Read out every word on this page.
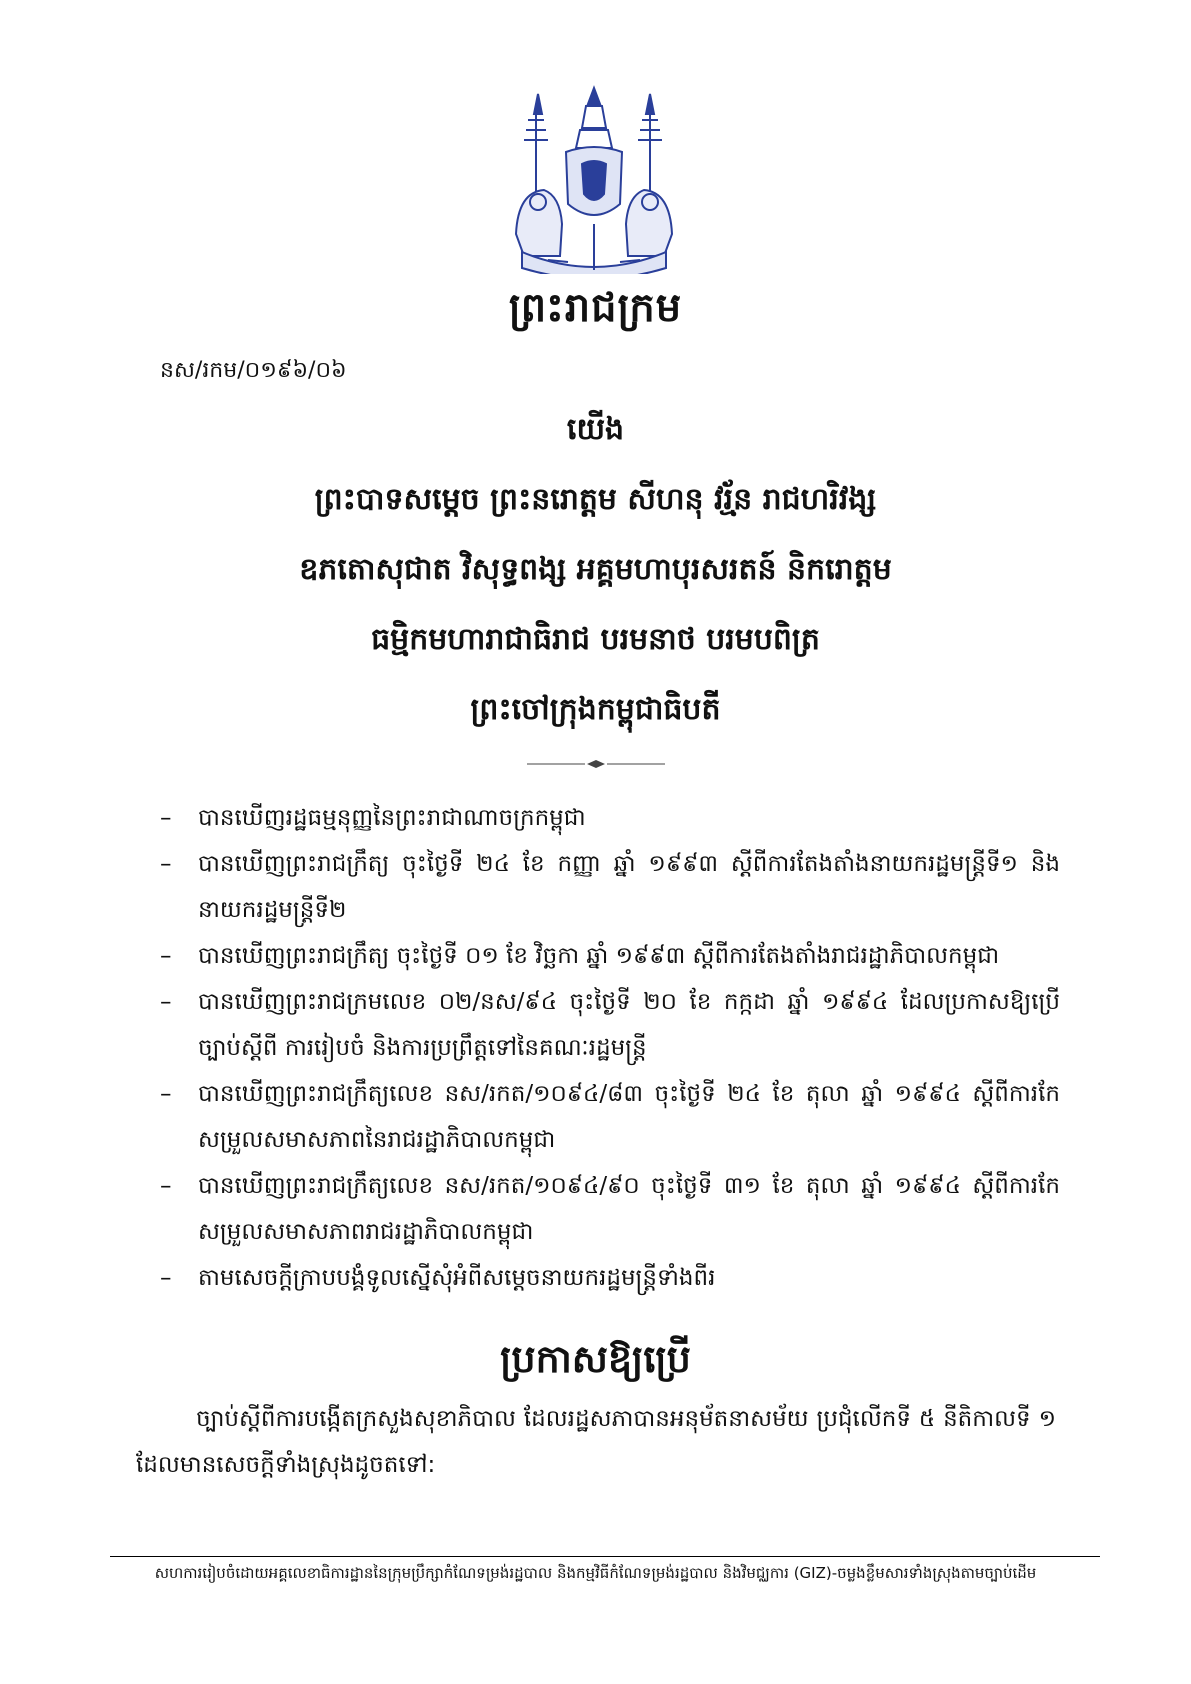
ព្រះរាជក្រម
នស/រកម/០១៩៦/០៦
យើង
ព្រះបាទសម្តេច ព្រះនរោត្តម សីហនុ វរ្ម័ន រាជហរិវង្ស
ឧភតោសុជាត វិសុទ្ធពង្ស អគ្គមហាបុរសរតន៍ និករោត្តម
ធម្មិកមហារាជាធិរាជ បរមនាថ បរមបពិត្រ
ព្រះចៅក្រុងកម្ពុជាធិបតី
–	បានឃើញរដ្ឋធម្មនុញ្ញនៃព្រះរាជាណាចក្រកម្ពុជា
–	បានឃើញព្រះរាជក្រឹត្យ ចុះថ្ងៃទី ២៤ ខែ កញ្ញា ឆ្នាំ ១៩៩៣ ស្តីពីការតែងតាំងនាយករដ្ឋមន្ត្រីទី១ និង នាយករដ្ឋមន្ត្រីទី២
–	បានឃើញព្រះរាជក្រឹត្យ ចុះថ្ងៃទី ០១ ខែ វិច្ឆកា ឆ្នាំ ១៩៩៣ ស្តីពីការតែងតាំងរាជរដ្ឋាភិបាលកម្ពុជា
–	បានឃើញព្រះរាជក្រមលេខ ០២/នស/៩៤ ចុះថ្ងៃទី ២០ ខែ កក្កដា ឆ្នាំ ១៩៩៤ ដែលប្រកាសឱ្យប្រើច្បាប់ស្តីពី ការរៀបចំ និងការប្រព្រឹត្តទៅនៃគណៈរដ្ឋមន្ត្រី
–	បានឃើញព្រះរាជក្រឹត្យលេខ នស/រកត/១០៩៤/៨៣ ចុះថ្ងៃទី ២៤ ខែ តុលា ឆ្នាំ ១៩៩៤ ស្តីពីការកែ សម្រួលសមាសភាពនៃរាជរដ្ឋាភិបាលកម្ពុជា
–	បានឃើញព្រះរាជក្រឹត្យលេខ នស/រកត/១០៩៤/៩០ ចុះថ្ងៃទី ៣១ ខែ តុលា ឆ្នាំ ១៩៩៤ ស្តីពីការកែ សម្រួលសមាសភាពរាជរដ្ឋាភិបាលកម្ពុជា
–	តាមសេចក្តីក្រាបបង្គំទូលស្នើសុំអំពីសម្តេចនាយករដ្ឋមន្ត្រីទាំងពីរ
ប្រកាសឱ្យប្រើ
ច្បាប់ស្តីពីការបង្កើតក្រសួងសុខាភិបាល ដែលរដ្ឋសភាបានអនុម័តនាសម័យ ប្រជុំលើកទី ៥ នីតិកាលទី ១ ដែលមានសេចក្តីទាំងស្រុងដូចតទៅ:
សហការរៀបចំដោយអគ្គលេខាធិការដ្ឋាននៃក្រុមប្រឹក្សាកំណែទម្រង់រដ្ឋបាល និងកម្មវិធីកំណែទម្រង់រដ្ឋបាល និងវិមជ្ឈការ (GIZ)-ចម្លងខ្លឹមសារទាំងស្រុងតាមច្បាប់ដើម
